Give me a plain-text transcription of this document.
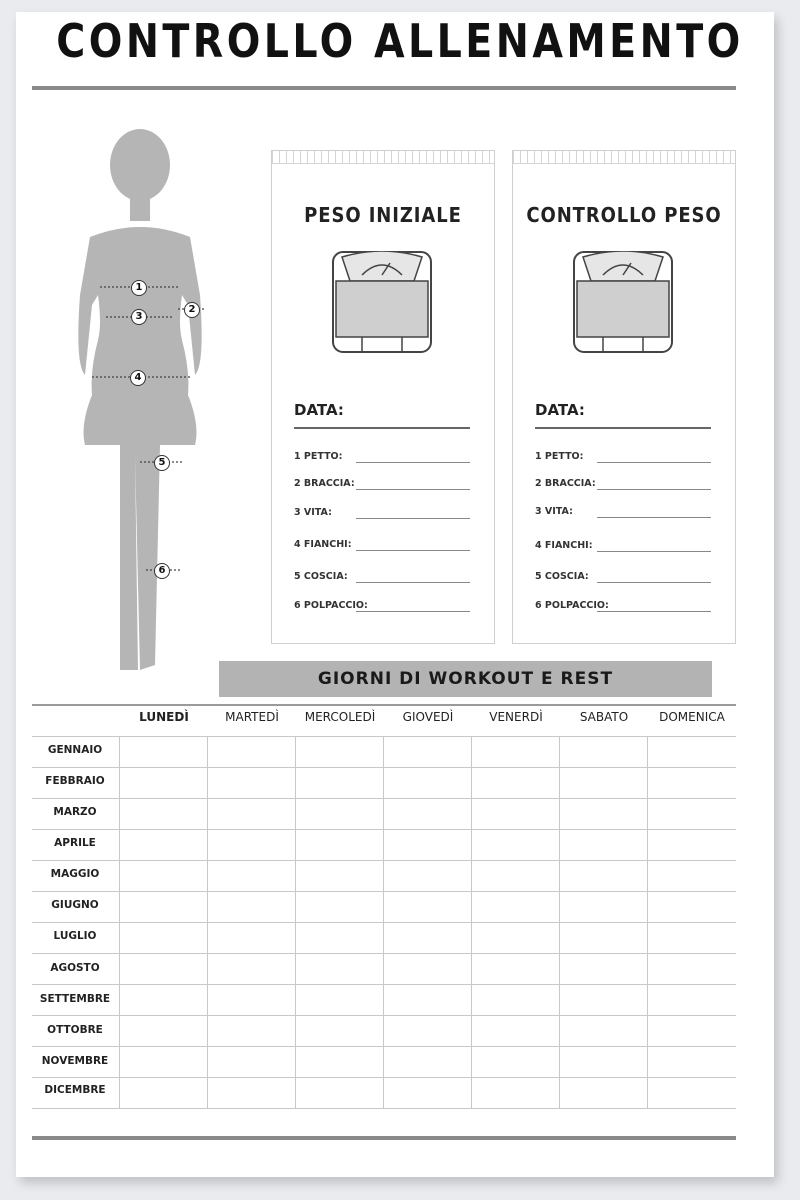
CONTROLLO ALLENAMENTO
1
2
3
4
5
6
PESO INIZIALE
DATA:
1 PETTO:
2 BRACCIA:
3 VITA:
4 FIANCHI:
5 COSCIA:
6 POLPACCIO:
CONTROLLO PESO
DATA:
1 PETTO:
2 BRACCIA:
3 VITA:
4 FIANCHI:
5 COSCIA:
6 POLPACCIO:
GIORNI DI WORKOUT E REST
LUNEDÌ	MARTEDÌ	MERCOLEDÌ	GIOVEDÌ	VENERDÌ	SABATO	DOMENICA
GENNAIO
FEBBRAIO
MARZO
APRILE
MAGGIO
GIUGNO
LUGLIO
AGOSTO
SETTEMBRE
OTTOBRE
NOVEMBRE
DICEMBRE
